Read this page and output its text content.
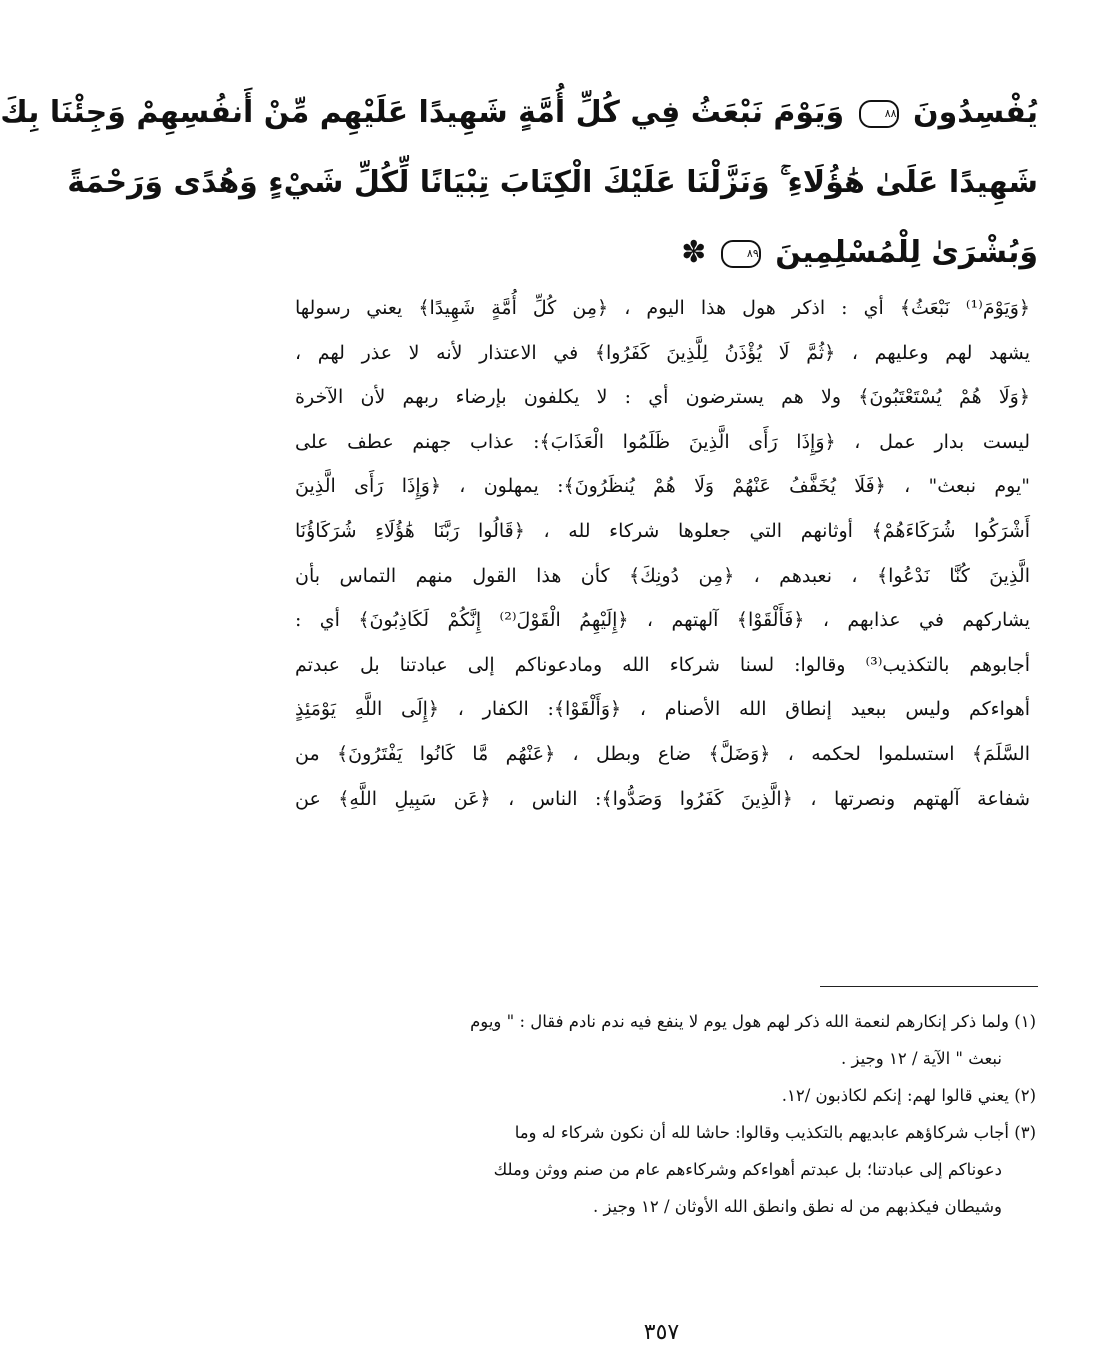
يُفْسِدُونَ ٨٨ وَيَوْمَ نَبْعَثُ فِي كُلِّ أُمَّةٍ شَهِيدًا عَلَيْهِم مِّنْ أَنفُسِهِمْ وَجِئْنَا بِكَ
شَهِيدًا عَلَىٰ هَٰؤُلَاءِ ۚ وَنَزَّلْنَا عَلَيْكَ الْكِتَابَ تِبْيَانًا لِّكُلِّ شَيْءٍ وَهُدًى وَرَحْمَةً
وَبُشْرَىٰ لِلْمُسْلِمِينَ ٨٩ ✽
﴿وَيَوْمَ⁽¹⁾ نَبْعَثُ﴾ أي : اذكر هول هذا اليوم ، ﴿مِن كُلِّ أُمَّةٍ شَهِيدًا﴾ يعني رسولها
يشهد لهم وعليهم ، ﴿ثُمَّ لَا يُؤْذَنُ لِلَّذِينَ كَفَرُوا﴾ في الاعتذار لأنه لا عذر لهم ،
﴿وَلَا هُمْ يُسْتَعْتَبُونَ﴾ ولا هم يسترضون أي : لا يكلفون بإرضاء ربهم لأن الآخرة
ليست بدار عمل ، ﴿وَإِذَا رَأَى الَّذِينَ ظَلَمُوا الْعَذَابَ﴾: عذاب جهنم عطف على
"يوم نبعث" ، ﴿فَلَا يُخَفَّفُ عَنْهُمْ وَلَا هُمْ يُنظَرُونَ﴾: يمهلون ، ﴿وَإِذَا رَأَى الَّذِينَ
أَشْرَكُوا شُرَكَاءَهُمْ﴾ أوثانهم التي جعلوها شركاء لله ، ﴿قَالُوا رَبَّنَا هَٰؤُلَاءِ شُرَكَاؤُنَا
الَّذِينَ كُنَّا نَدْعُوا﴾ ، نعبدهم ، ﴿مِن دُونِكَ﴾ كأن هذا القول منهم التماس بأن
يشاركهم في عذابهم ، ﴿فَأَلْقَوْا﴾ آلهتهم ، ﴿إِلَيْهِمُ الْقَوْلَ⁽²⁾ إِنَّكُمْ لَكَاذِبُونَ﴾ أي :
أجابوهم بالتكذيب⁽³⁾ وقالوا: لسنا شركاء الله ومادعوناكم إلى عبادتنا بل عبدتم
أهواءكم وليس ببعيد إنطاق الله الأصنام ، ﴿وَأَلْقَوْا﴾: الكفار ، ﴿إِلَى اللَّهِ يَوْمَئِذٍ
السَّلَمَ﴾ استسلموا لحكمه ، ﴿وَضَلَّ﴾ ضاع وبطل ، ﴿عَنْهُم مَّا كَانُوا يَفْتَرُونَ﴾ من
شفاعة آلهتهم ونصرتها ، ﴿الَّذِينَ كَفَرُوا وَصَدُّوا﴾: الناس ، ﴿عَن سَبِيلِ اللَّهِ﴾ عن
(١) ولما ذكر إنكارهم لنعمة الله ذكر لهم هول يوم لا ينفع فيه ندم نادم فقال : " ويوم
نبعث " الآية / ١٢ وجيز .
(٢) يعني قالوا لهم: إنكم لكاذبون /١٢.
(٣) أجاب شركاؤهم عابديهم بالتكذيب وقالوا: حاشا لله أن نكون شركاء له وما
دعوناكم إلى عبادتنا؛ بل عبدتم أهواءكم وشركاءهم عام من صنم ووثن وملك
وشيطان فيكذبهم من له نطق وانطق الله الأوثان / ١٢ وجيز .
٣٥٧
